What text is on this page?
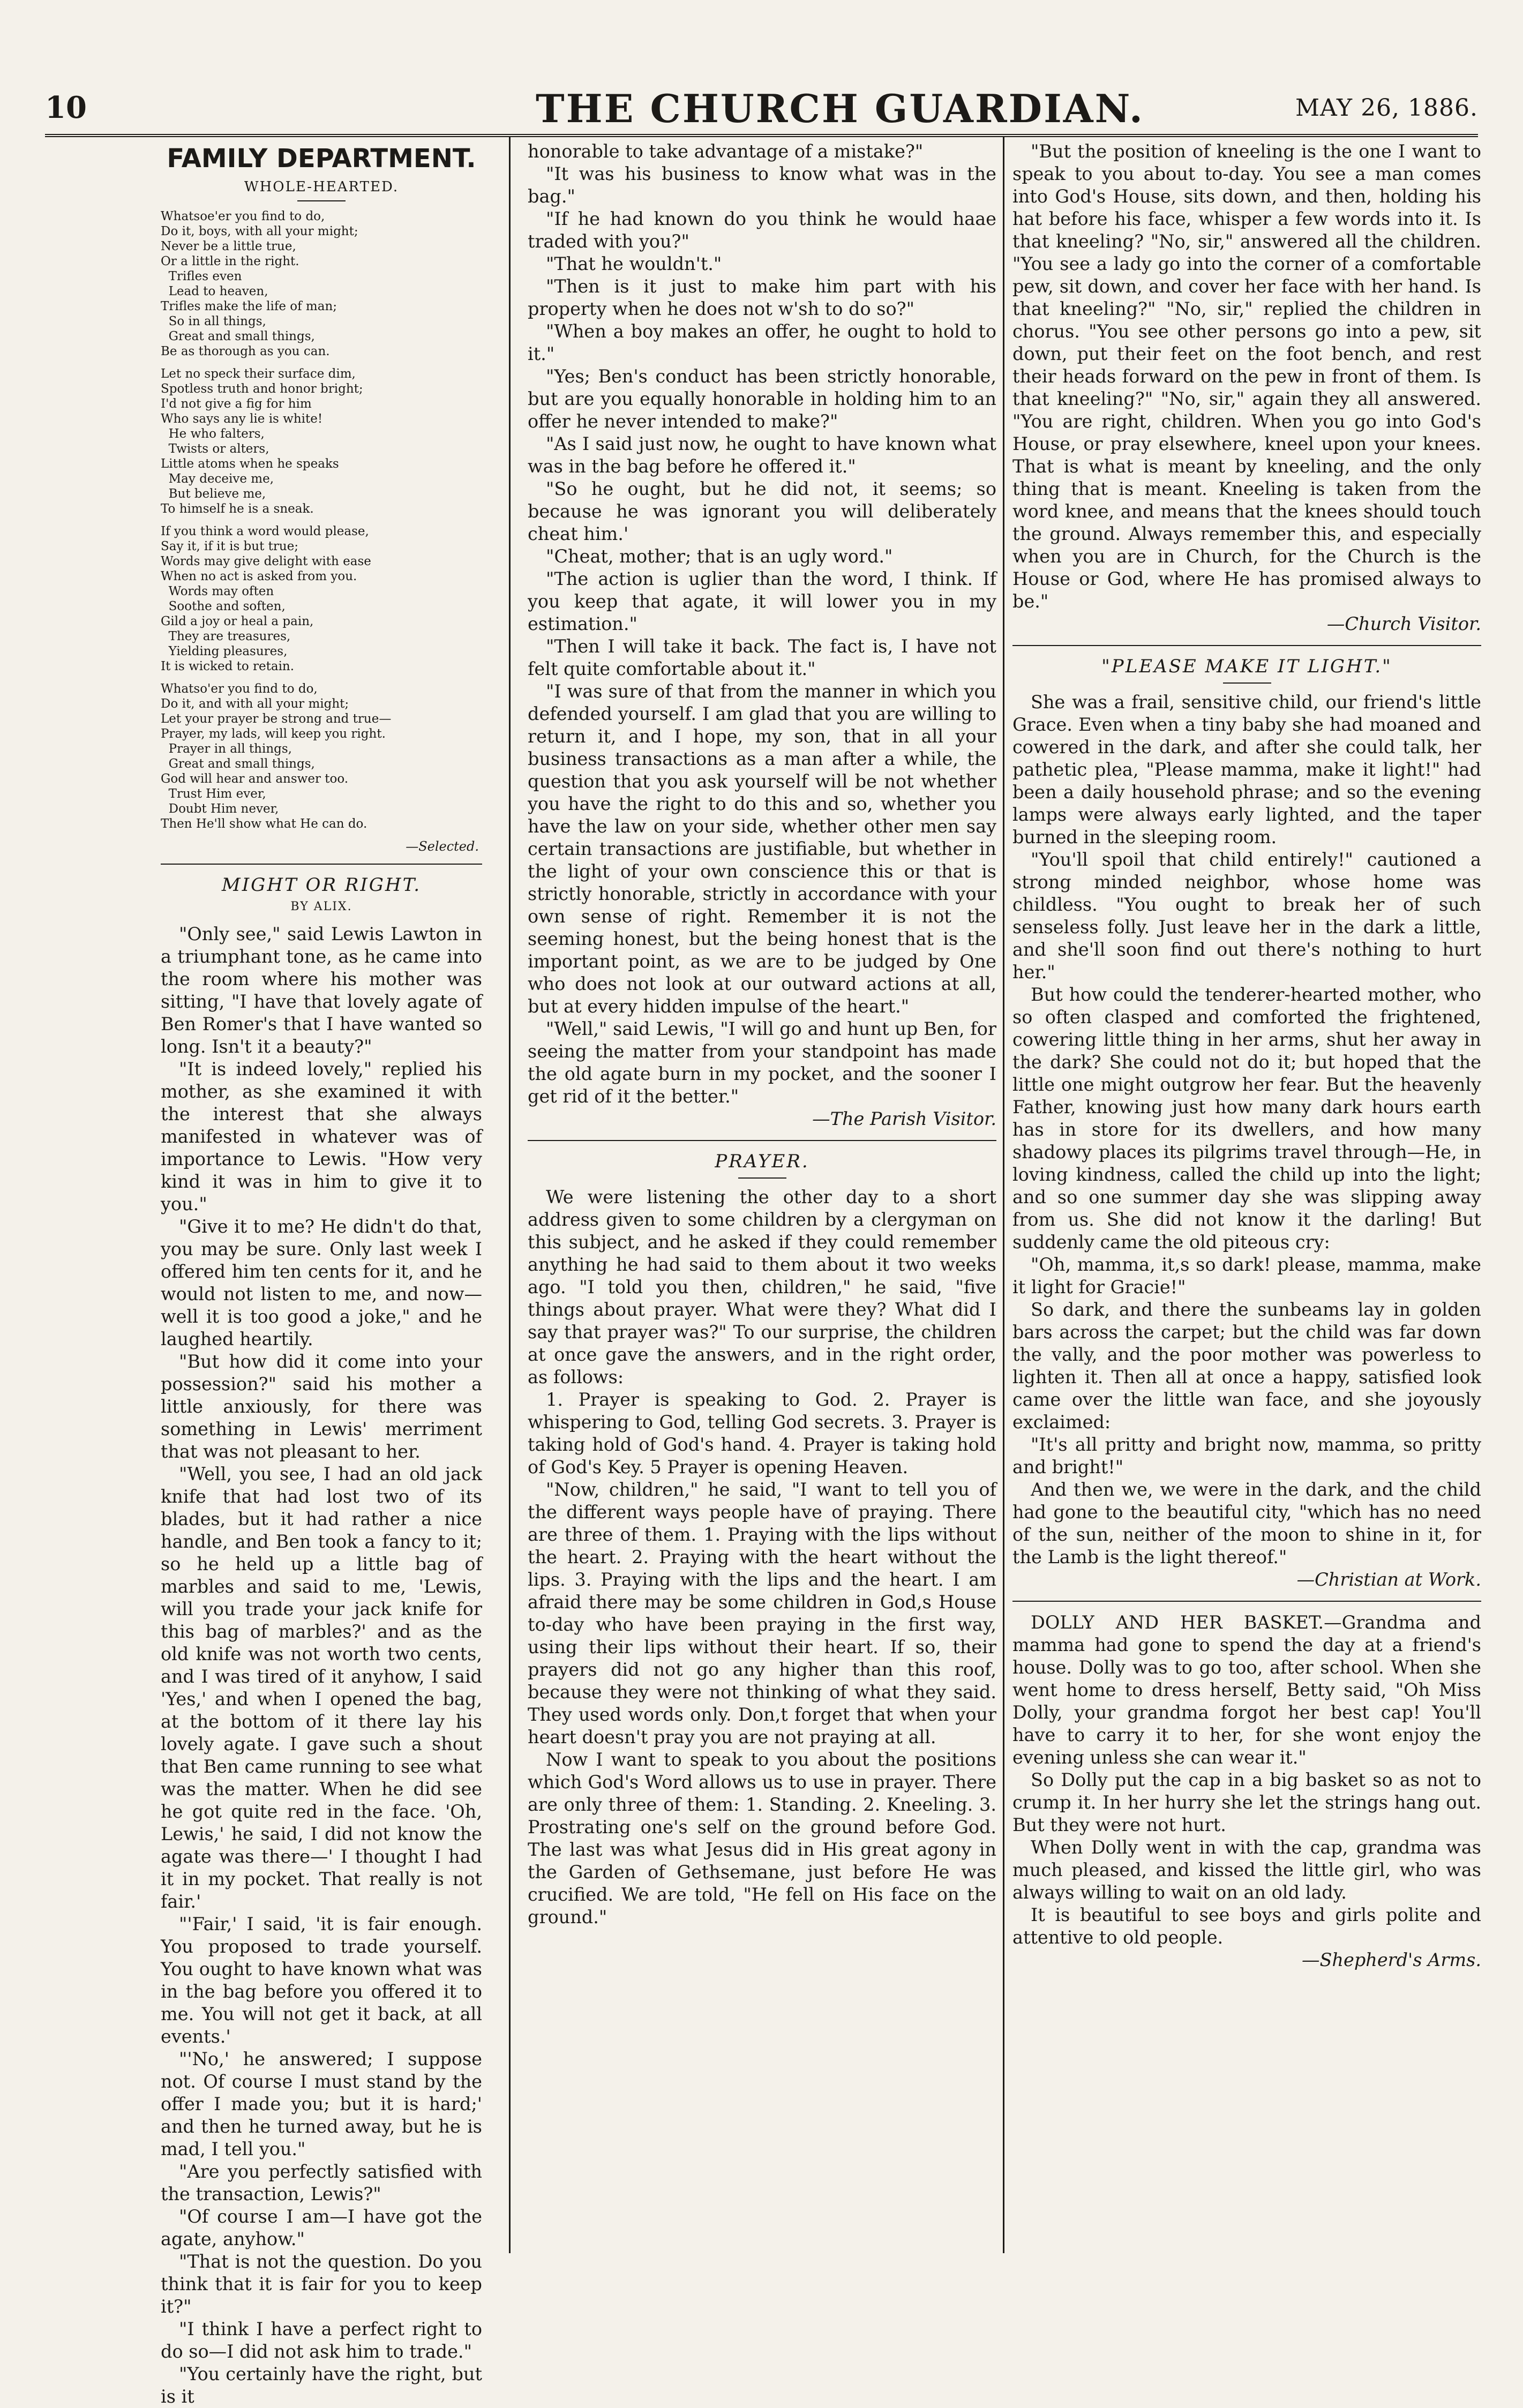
10	THE CHURCH GUARDIAN.	MAY 26, 1886.
FAMILY DEPARTMENT.
WHOLE-HEARTED.
Whatsoe'er you find to do,
Do it, boys, with all your might;
Never be a little true,
Or a little in the right.
Trifles even
Lead to heaven,
Trifles make the life of man;
So in all things,
Great and small things,
Be as thorough as you can.
Let no speck their surface dim,
Spotless truth and honor bright;
I'd not give a fig for him
Who says any lie is white!
He who falters,
Twists or alters,
Little atoms when he speaks
May deceive me,
But believe me,
To himself he is a sneak.
If you think a word would please,
Say it, if it is but true;
Words may give delight with ease
When no act is asked from you.
Words may often
Soothe and soften,
Gild a joy or heal a pain,
They are treasures,
Yielding pleasures,
It is wicked to retain.
Whatso'er you find to do,
Do it, and with all your might;
Let your prayer be strong and true—
Prayer, my lads, will keep you right.
Prayer in all things,
Great and small things,
God will hear and answer too.
Trust Him ever,
Doubt Him never,
Then He'll show what He can do.
—Selected.
MIGHT OR RIGHT.
BY ALIX.

"Only see," said Lewis Lawton in a triumphant tone, as he came into the room where his mother was sitting, "I have that lovely agate of Ben Romer's that I have wanted so long. Isn't it a beauty?"

"It is indeed lovely," replied his mother, as she examined it with the interest that she always manifested in whatever was of importance to Lewis. "How very kind it was in him to give it to you."

"Give it to me? He didn't do that, you may be sure. Only last week I offered him ten cents for it, and he would not listen to me, and now—well it is too good a joke," and he laughed heartily.

"But how did it come into your possession?" said his mother a little anxiously, for there was something in Lewis' merriment that was not pleasant to her.

"Well, you see, I had an old jack knife that had lost two of its blades, but it had rather a nice handle, and Ben took a fancy to it; so he held up a little bag of marbles and said to me, 'Lewis, will you trade your jack knife for this bag of marbles?' and as the old knife was not worth two cents, and I was tired of it anyhow, I said 'Yes,' and when I opened the bag, at the bottom of it there lay his lovely agate. I gave such a shout that Ben came running to see what was the matter. When he did see he got quite red in the face. 'Oh, Lewis,' he said, I did not know the agate was there—' I thought I had it in my pocket. That really is not fair.'

"'Fair,' I said, 'it is fair enough. You proposed to trade yourself. You ought to have known what was in the bag before you offered it to me. You will not get it back, at all events.'

"'No,' he answered; I suppose not. Of course I must stand by the offer I made you; but it is hard;' and then he turned away, but he is mad, I tell you."

"Are you perfectly satisfied with the transaction, Lewis?"

"Of course I am—I have got the agate, anyhow."

"That is not the question. Do you think that it is fair for you to keep it?"

"I think I have a perfect right to do so—I did not ask him to trade."

"You certainly have the right, but is it

honorable to take advantage of a mistake?"

"It was his business to know what was in the bag."

"If he had known do you think he would haae traded with you?"

"That he wouldn't."

"Then is it just to make him part with his property when he does not w'sh to do so?"

"When a boy makes an offer, he ought to hold to it."

"Yes; Ben's conduct has been strictly honorable, but are you equally honorable in holding him to an offer he never intended to make?"

"As I said just now, he ought to have known what was in the bag before he offered it."

"So he ought, but he did not, it seems; so because he was ignorant you will deliberately cheat him.'

"Cheat, mother; that is an ugly word."

"The action is uglier than the word, I think. If you keep that agate, it will lower you in my estimation."

"Then I will take it back. The fact is, I have not felt quite comfortable about it."

"I was sure of that from the manner in which you defended yourself. I am glad that you are willing to return it, and I hope, my son, that in all your business transactions as a man after a while, the question that you ask yourself will be not whether you have the right to do this and so, whether you have the law on your side, whether other men say certain transactions are justifiable, but whether in the light of your own conscience this or that is strictly honorable, strictly in accordance with your own sense of right. Remember it is not the seeming honest, but the being honest that is the important point, as we are to be judged by One who does not look at our outward actions at all, but at every hidden impulse of the heart."

"Well," said Lewis, "I will go and hunt up Ben, for seeing the matter from your standpoint has made the old agate burn in my pocket, and the sooner I get rid of it the better."

—The Parish Visitor.

PRAYER.

We were listening the other day to a short address given to some children by a clergyman on this subject, and he asked if they could remember anything he had said to them about it two weeks ago. "I told you then, children," he said, "five things about prayer. What were they? What did I say that prayer was?" To our surprise, the children at once gave the answers, and in the right order, as follows:

1. Prayer is speaking to God. 2. Prayer is whispering to God, telling God secrets. 3. Prayer is taking hold of God's hand. 4. Prayer is taking hold of God's Key. 5 Prayer is opening Heaven.

"Now, children," he said, "I want to tell you of the different ways people have of praying. There are three of them. 1. Praying with the lips without the heart. 2. Praying with the heart without the lips. 3. Praying with the lips and the heart. I am afraid there may be some children in God,s House to-day who have been praying in the first way, using their lips without their heart. If so, their prayers did not go any higher than this roof, because they were not thinking of what they said. They used words only. Don,t forget that when your heart doesn't pray you are not praying at all.

Now I want to speak to you about the positions which God's Word allows us to use in prayer. There are only three of them: 1. Standing. 2. Kneeling. 3. Prostrating one's self on the ground before God. The last was what Jesus did in His great agony in the Garden of Gethsemane, just before He was crucified. We are told, "He fell on His face on the ground."

"But the position of kneeling is the one I want to speak to you about to-day. You see a man comes into God's House, sits down, and then, holding his hat before his face, whisper a few words into it. Is that kneeling? "No, sir," answered all the children. "You see a lady go into the corner of a comfortable pew, sit down, and cover her face with her hand. Is that kneeling?" "No, sir," replied the children in chorus. "You see other persons go into a pew, sit down, put their feet on the foot bench, and rest their heads forward on the pew in front of them. Is that kneeling?" "No, sir," again they all answered. "You are right, children. When you go into God's House, or pray elsewhere, kneel upon your knees. That is what is meant by kneeling, and the only thing that is meant. Kneeling is taken from the word knee, and means that the knees should touch the ground. Always remember this, and especially when you are in Church, for the Church is the House or God, where He has promised always to be."

—Church Visitor.

"PLEASE MAKE IT LIGHT."

She was a frail, sensitive child, our friend's little Grace. Even when a tiny baby she had moaned and cowered in the dark, and after she could talk, her pathetic plea, "Please mamma, make it light!" had been a daily household phrase; and so the evening lamps were always early lighted, and the taper burned in the sleeping room.

"You'll spoil that child entirely!" cautioned a strong minded neighbor, whose home was childless. "You ought to break her of such senseless folly. Just leave her in the dark a little, and she'll soon find out there's nothing to hurt her."

But how could the tenderer-hearted mother, who so often clasped and comforted the frightened, cowering little thing in her arms, shut her away in the dark? She could not do it; but hoped that the little one might outgrow her fear. But the heavenly Father, knowing just how many dark hours earth has in store for its dwellers, and how many shadowy places its pilgrims travel through—He, in loving kindness, called the child up into the light; and so one summer day she was slipping away from us. She did not know it the darling! But suddenly came the old piteous cry:

"Oh, mamma, it,s so dark! please, mamma, make it light for Gracie!"

So dark, and there the sunbeams lay in golden bars across the carpet; but the child was far down the vally, and the poor mother was powerless to lighten it. Then all at once a happy, satisfied look came over the little wan face, and she joyously exclaimed:

"It's all pritty and bright now, mamma, so pritty and bright!"

And then we, we were in the dark, and the child had gone to the beautiful city, "which has no need of the sun, neither of the moon to shine in it, for the Lamb is the light thereof."

—Christian at Work.

DOLLY AND HER BASKET.—Grandma and mamma had gone to spend the day at a friend's house. Dolly was to go too, after school. When she went home to dress herself, Betty said, "Oh Miss Dolly, your grandma forgot her best cap! You'll have to carry it to her, for she wont enjoy the evening unless she can wear it."

So Dolly put the cap in a big basket so as not to crump it. In her hurry she let the strings hang out. But they were not hurt.

When Dolly went in with the cap, grandma was much pleased, and kissed the little girl, who was always willing to wait on an old lady.

It is beautiful to see boys and girls polite and attentive to old people.

—Shepherd's Arms.
